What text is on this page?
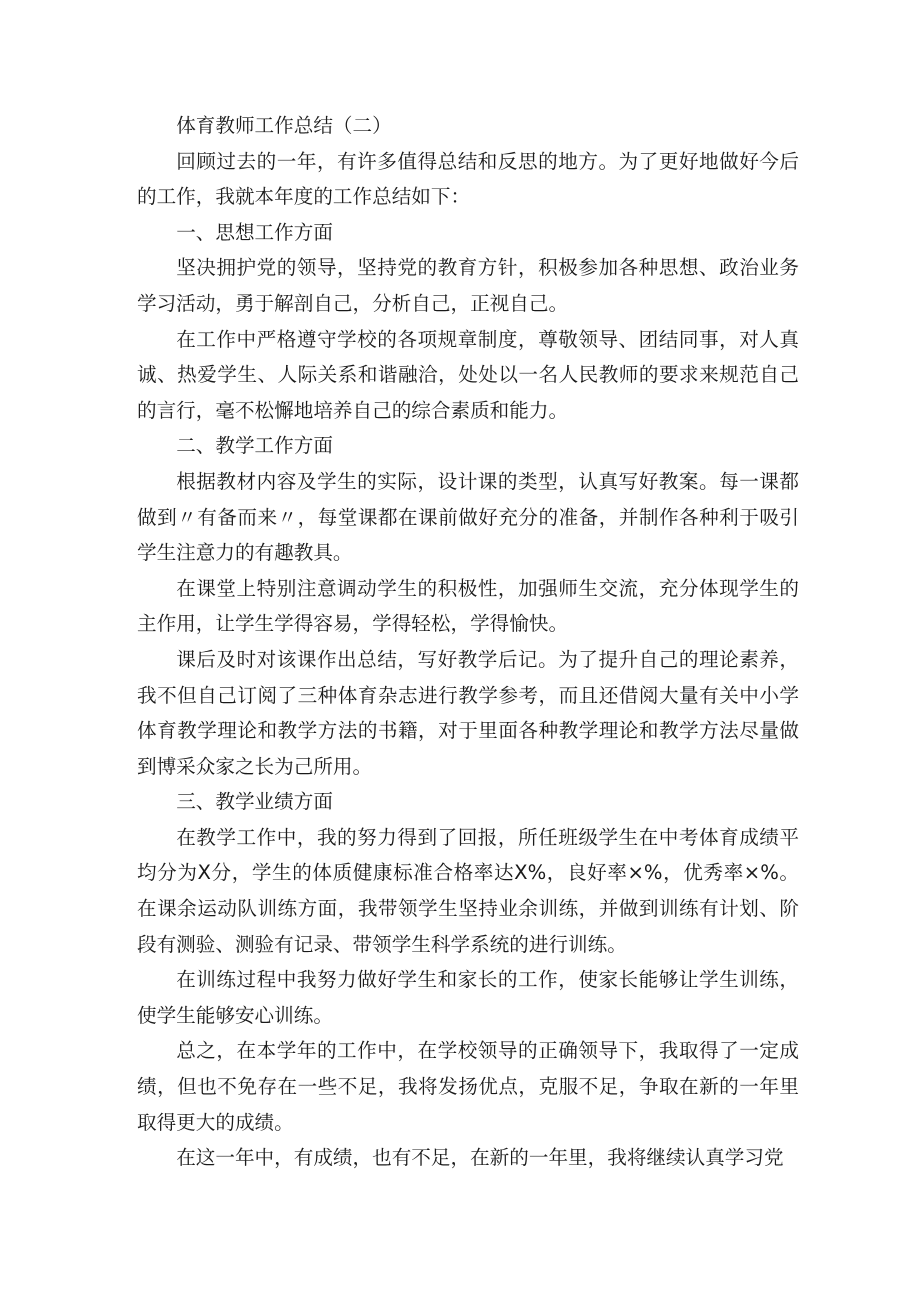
体育教师工作总结（二）

回顾过去的一年，有许多值得总结和反思的地方。为了更好地做好今后的工作，我就本年度的工作总结如下：

一、思想工作方面

坚决拥护党的领导，坚持党的教育方针，积极参加各种思想、政治业务学习活动，勇于解剖自己，分析自己，正视自己。

在工作中严格遵守学校的各项规章制度，尊敬领导、团结同事，对人真诚、热爱学生、人际关系和谐融洽，处处以一名人民教师的要求来规范自己的言行，毫不松懈地培养自己的综合素质和能力。

二、教学工作方面

根据教材内容及学生的实际，设计课的类型，认真写好教案。每一课都做到〃有备而来〃，每堂课都在课前做好充分的准备，并制作各种利于吸引学生注意力的有趣教具。

在课堂上特别注意调动学生的积极性，加强师生交流，充分体现学生的主作用，让学生学得容易，学得轻松，学得愉快。

课后及时对该课作出总结，写好教学后记。为了提升自己的理论素养，我不但自己订阅了三种体育杂志进行教学参考，而且还借阅大量有关中小学体育教学理论和教学方法的书籍，对于里面各种教学理论和教学方法尽量做到博采众家之长为己所用。

三、教学业绩方面

在教学工作中，我的努力得到了回报，所任班级学生在中考体育成绩平均分为X分，学生的体质健康标准合格率达X%，良好率×%，优秀率×%。在课余运动队训练方面，我带领学生坚持业余训练，并做到训练有计划、阶段有测验、测验有记录、带领学生科学系统的进行训练。

在训练过程中我努力做好学生和家长的工作，使家长能够让学生训练，使学生能够安心训练。

总之，在本学年的工作中，在学校领导的正确领导下，我取得了一定成绩，但也不免存在一些不足，我将发扬优点，克服不足，争取在新的一年里取得更大的成绩。

在这一年中，有成绩，也有不足，在新的一年里，我将继续认真学习党
